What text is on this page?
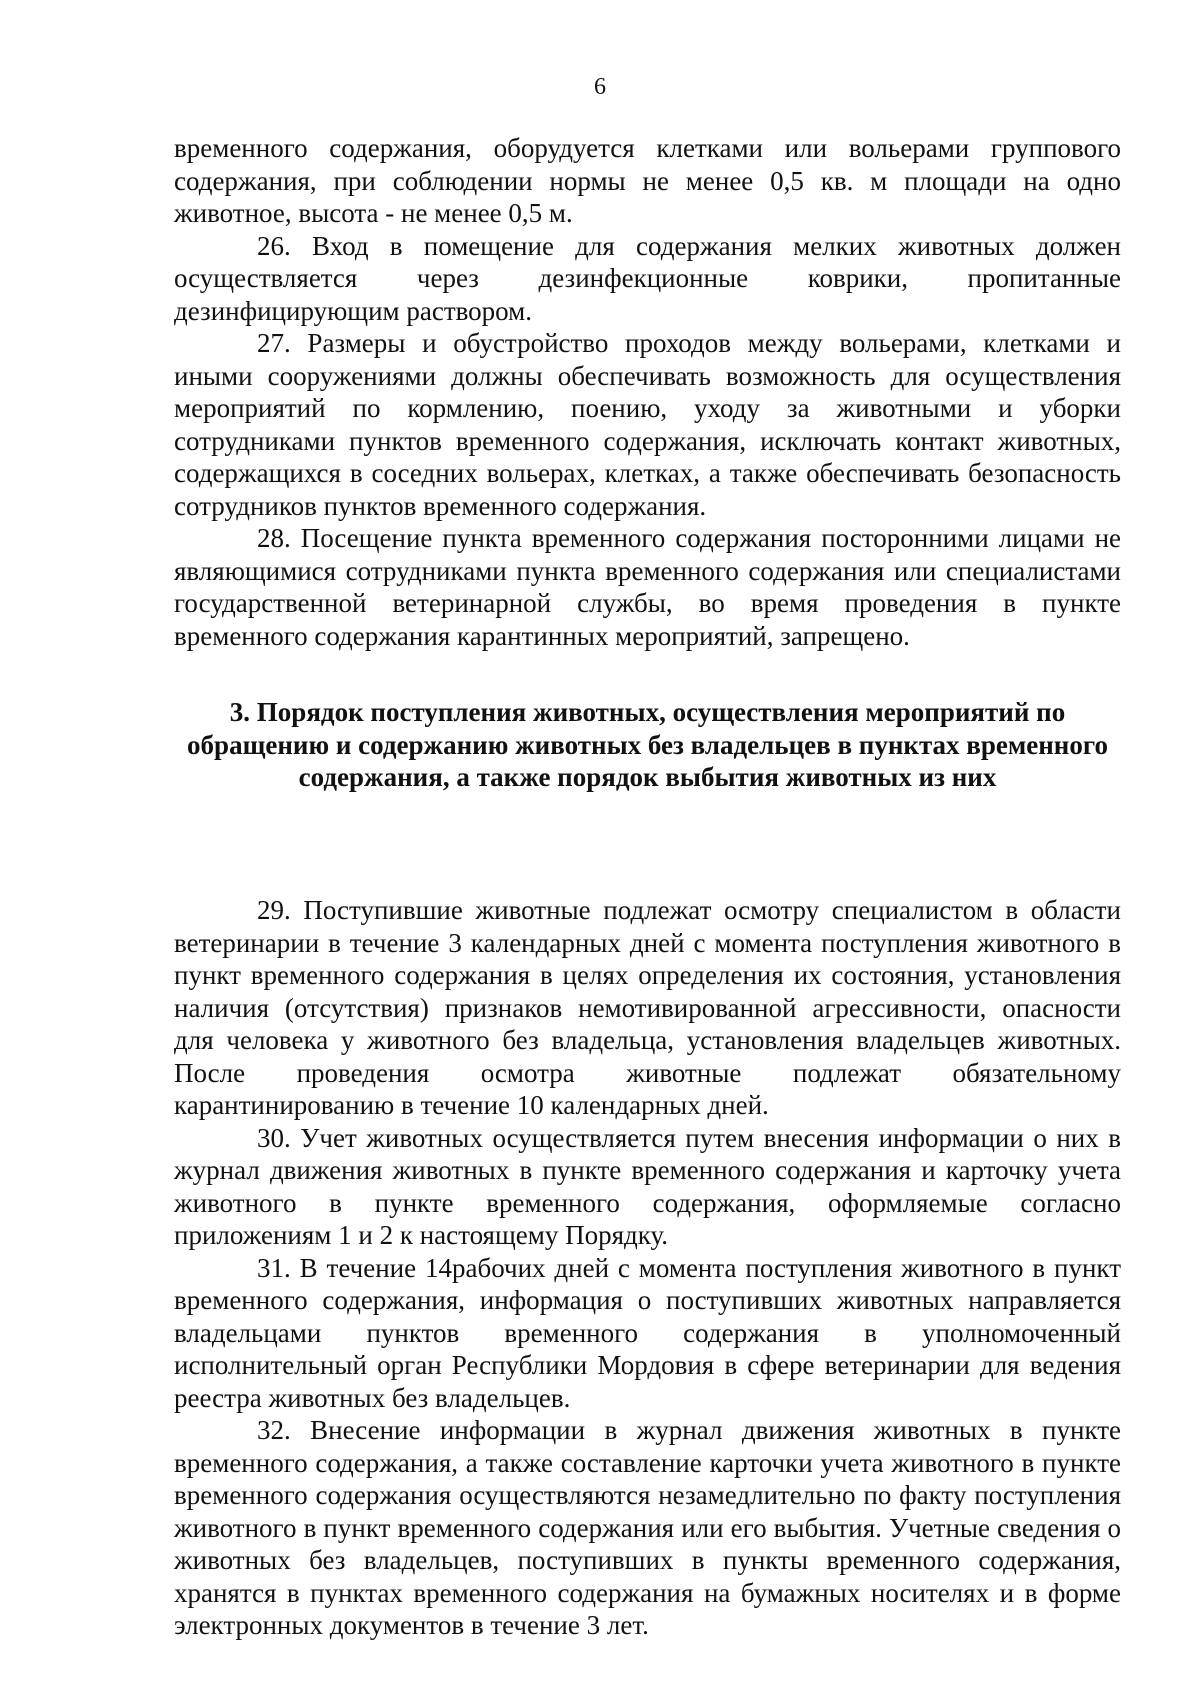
6

временного содержания, оборудуется клетками или вольерами группового содержания, при соблюдении нормы не менее 0,5 кв. м площади на одно животное, высота - не менее 0,5 м.

26. Вход в помещение для содержания мелких животных должен осуществляется через дезинфекционные коврики, пропитанные дезинфицирующим раствором.

27. Размеры и обустройство проходов между вольерами, клетками и иными сооружениями должны обеспечивать возможность для осуществления мероприятий по кормлению, поению, уходу за животными и уборки сотрудниками пунктов временного содержания, исключать контакт животных, содержащихся в соседних вольерах, клетках, а также обеспечивать безопасность сотрудников пунктов временного содержания.

28. Посещение пункта временного содержания посторонними лицами не являющимися сотрудниками пункта временного содержания или специалистами государственной ветеринарной службы, во время проведения в пункте временного содержания карантинных мероприятий, запрещено.

3. Порядок поступления животных, осуществления мероприятий по обращению и содержанию животных без владельцев в пунктах временного содержания, а также порядок выбытия животных из них

29. Поступившие животные подлежат осмотру специалистом в области ветеринарии в течение 3 календарных дней с момента поступления животного в пункт временного содержания в целях определения их состояния, установления наличия (отсутствия) признаков немотивированной агрессивности, опасности для человека у животного без владельца, установления владельцев животных. После проведения осмотра животные подлежат обязательному карантинированию в течение 10 календарных дней.

30. Учет животных осуществляется путем внесения информации о них в журнал движения животных в пункте временного содержания и карточку учета животного в пункте временного содержания, оформляемые согласно приложениям 1 и 2 к настоящему Порядку.

31. В течение 14рабочих дней с момента поступления животного в пункт временного содержания, информация о поступивших животных направляется владельцами пунктов временного содержания в уполномоченный исполнительный орган Республики Мордовия в сфере ветеринарии для ведения реестра животных без владельцев.

32. Внесение информации в журнал движения животных в пункте временного содержания, а также составление карточки учета животного в пункте временного содержания осуществляются незамедлительно по факту поступления животного в пункт временного содержания или его выбытия. Учетные сведения о животных без владельцев, поступивших в пункты временного содержания, хранятся в пунктах временного содержания на бумажных носителях и в форме электронных документов в течение 3 лет.
